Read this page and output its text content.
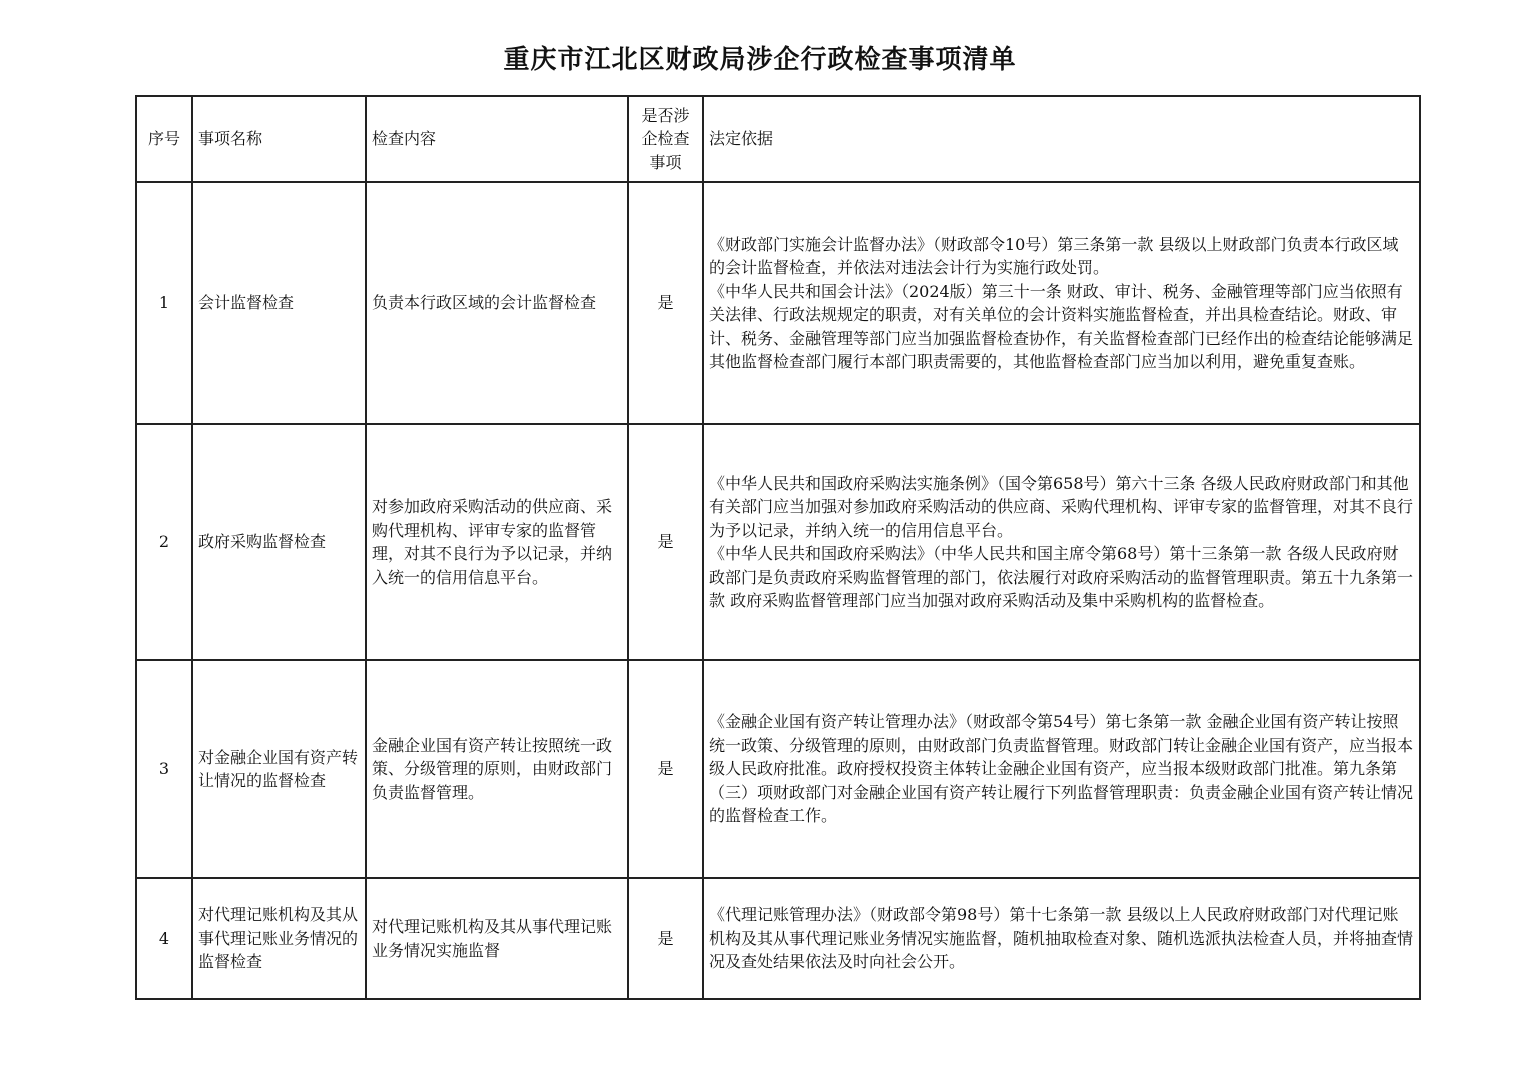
重庆市江北区财政局涉企行政检查事项清单
序号	事项名称	检查内容	是否涉企检查事项	法定依据
1	会计监督检查	负责本行政区域的会计监督检查	是	《财政部门实施会计监督办法》（财政部令10号）第三条第一款 县级以上财政部门负责本行政区域的会计监督检查，并依法对违法会计行为实施行政处罚。

《中华人民共和国会计法》（2024版）第三十一条 财政、审计、税务、金融管理等部门应当依照有关法律、行政法规规定的职责，对有关单位的会计资料实施监督检查，并出具检查结论。财政、审计、税务、金融管理等部门应当加强监督检查协作，有关监督检查部门已经作出的检查结论能够满足其他监督检查部门履行本部门职责需要的，其他监督检查部门应当加以利用，避免重复查账。

2	政府采购监督检查	对参加政府采购活动的供应商、采购代理机构、评审专家的监督管理，对其不良行为予以记录，并纳入统一的信用信息平台。	是	《中华人民共和国政府采购法实施条例》（国令第658号）第六十三条 各级人民政府财政部门和其他有关部门应当加强对参加政府采购活动的供应商、采购代理机构、评审专家的监督管理，对其不良行为予以记录，并纳入统一的信用信息平台。

《中华人民共和国政府采购法》（中华人民共和国主席令第68号）第十三条第一款 各级人民政府财政部门是负责政府采购监督管理的部门，依法履行对政府采购活动的监督管理职责。第五十九条第一款 政府采购监督管理部门应当加强对政府采购活动及集中采购机构的监督检查。

3	对金融企业国有资产转让情况的监督检查	金融企业国有资产转让按照统一政策、分级管理的原则，由财政部门负责监督管理。	是	《金融企业国有资产转让管理办法》（财政部令第54号）第七条第一款 金融企业国有资产转让按照统一政策、分级管理的原则，由财政部门负责监督管理。财政部门转让金融企业国有资产，应当报本级人民政府批准。政府授权投资主体转让金融企业国有资产，应当报本级财政部门批准。第九条第（三）项财政部门对金融企业国有资产转让履行下列监督管理职责：负责金融企业国有资产转让情况的监督检查工作。

4	对代理记账机构及其从事代理记账业务情况的监督检查	对代理记账机构及其从事代理记账业务情况实施监督	是	《代理记账管理办法》（财政部令第98号）第十七条第一款 县级以上人民政府财政部门对代理记账机构及其从事代理记账业务情况实施监督，随机抽取检查对象、随机选派执法检查人员，并将抽查情况及查处结果依法及时向社会公开。
